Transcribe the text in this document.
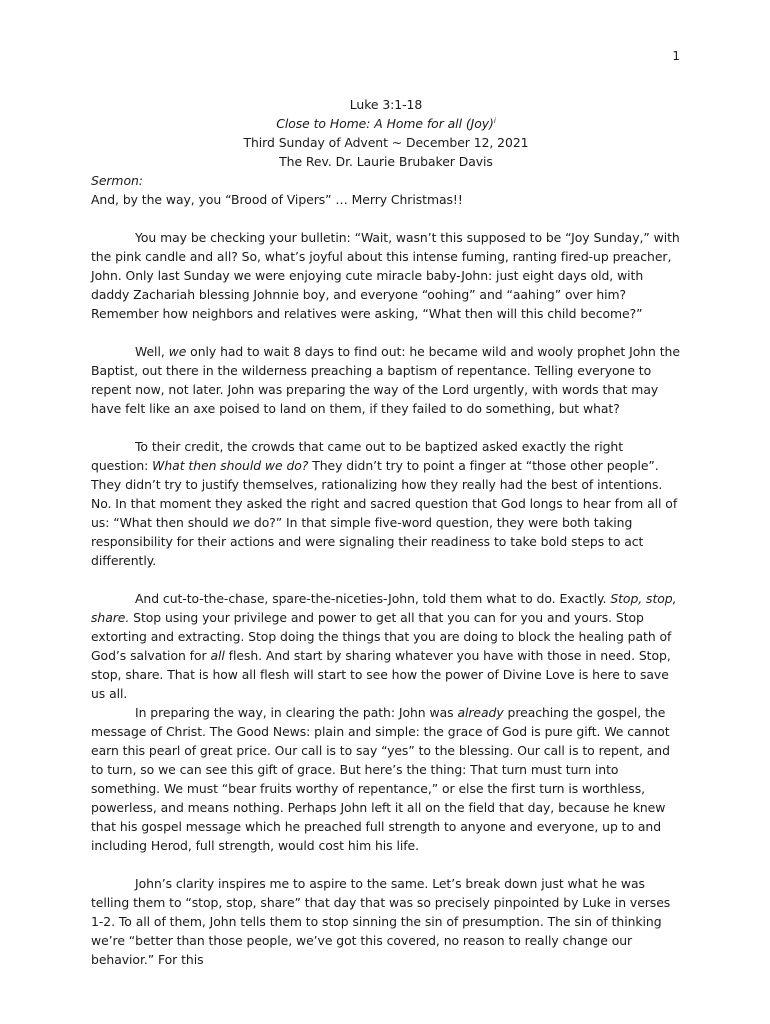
1
Luke 3:1-18
Close to Home: A Home for all (Joy)$^i$
Third Sunday of Advent ~ December 12, 2021
The Rev. Dr. Laurie Brubaker Davis
Sermon:
And, by the way, you “Brood of Vipers” … Merry Christmas!!

You may be checking your bulletin: “Wait, wasn’t this supposed to be “Joy Sunday,” with the pink candle and all? So, what’s joyful about this intense fuming, ranting fired-up preacher, John. Only last Sunday we were enjoying cute miracle baby-John: just eight days old, with daddy Zachariah blessing Johnnie boy, and everyone “oohing” and “aahing” over him? Remember how neighbors and relatives were asking, “What then will this child become?”

Well, we only had to wait 8 days to find out: he became wild and wooly prophet John the Baptist, out there in the wilderness preaching a baptism of repentance. Telling everyone to repent now, not later. John was preparing the way of the Lord urgently, with words that may have felt like an axe poised to land on them, if they failed to do something, but what?

To their credit, the crowds that came out to be baptized asked exactly the right question: What then should we do? They didn’t try to point a finger at “those other people”. They didn’t try to justify themselves, rationalizing how they really had the best of intentions. No. In that moment they asked the right and sacred question that God longs to hear from all of us: “What then should we do?” In that simple five-word question, they were both taking responsibility for their actions and were signaling their readiness to take bold steps to act differently.

And cut-to-the-chase, spare-the-niceties-John, told them what to do. Exactly. Stop, stop, share. Stop using your privilege and power to get all that you can for you and yours. Stop extorting and extracting. Stop doing the things that you are doing to block the healing path of God’s salvation for all flesh. And start by sharing whatever you have with those in need. Stop, stop, share. That is how all flesh will start to see how the power of Divine Love is here to save us all.

In preparing the way, in clearing the path: John was already preaching the gospel, the message of Christ. The Good News: plain and simple: the grace of God is pure gift. We cannot earn this pearl of great price. Our call is to say “yes” to the blessing. Our call is to repent, and to turn, so we can see this gift of grace. But here’s the thing: That turn must turn into something. We must “bear fruits worthy of repentance,” or else the first turn is worthless, powerless, and means nothing. Perhaps John left it all on the field that day, because he knew that his gospel message which he preached full strength to anyone and everyone, up to and including Herod, full strength, would cost him his life.

John’s clarity inspires me to aspire to the same. Let’s break down just what he was telling them to “stop, stop, share” that day that was so precisely pinpointed by Luke in verses 1-2. To all of them, John tells them to stop sinning the sin of presumption. The sin of thinking we’re “better than those people, we’ve got this covered, no reason to really change our behavior.” For this
